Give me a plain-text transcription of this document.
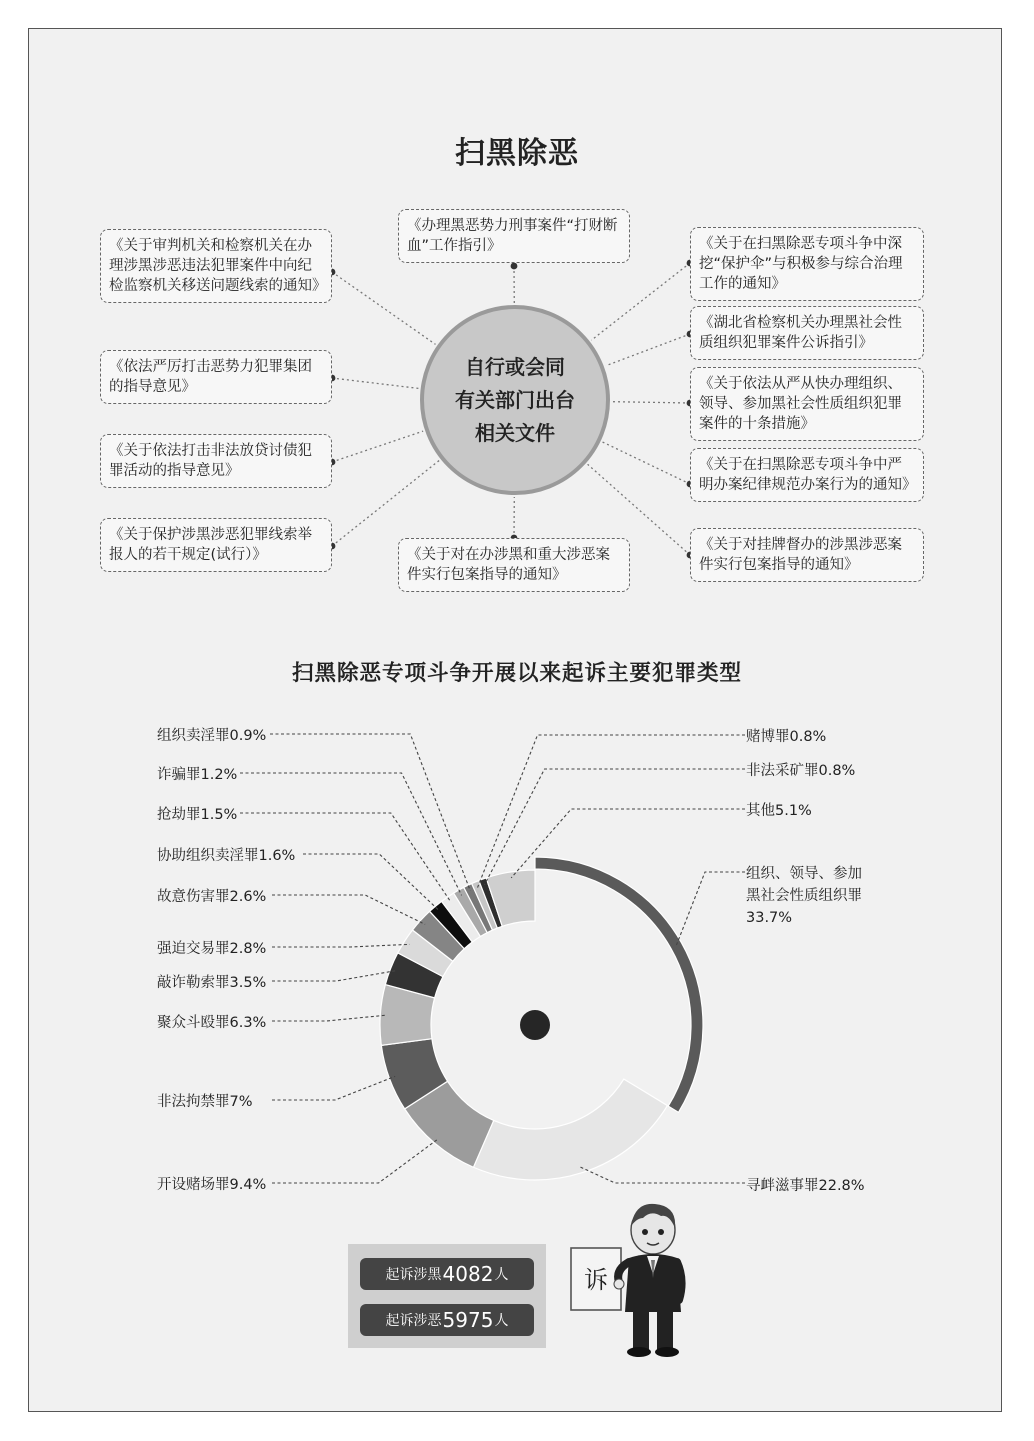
扫黑除恶
《关于审判机关和检察机关在办理涉黑涉恶违法犯罪案件中向纪检监察机关移送问题线索的通知》
《依法严厉打击恶势力犯罪集团的指导意见》
《关于依法打击非法放贷讨债犯罪活动的指导意见》
《关于保护涉黑涉恶犯罪线索举报人的若干规定(试行）》
《办理黑恶势力刑事案件“打财断血”工作指引》
《关于对在办涉黑和重大涉恶案件实行包案指导的通知》
《关于在扫黑除恶专项斗争中深挖“保护伞”与积极参与综合治理工作的通知》
《湖北省检察机关办理黑社会性质组织犯罪案件公诉指引》
《关于依法从严从快办理组织、领导、参加黑社会性质组织犯罪案件的十条措施》
《关于在扫黑除恶专项斗争中严明办案纪律规范办案行为的通知》
《关于对挂牌督办的涉黑涉恶案件实行包案指导的通知》
自行或会同
有关部门出台
相关文件
扫黑除恶专项斗争开展以来起诉主要犯罪类型
组织、领导、参加黑社会性质组织罪 33.7%
寻衅滋事罪22.8%
开设赌场罪9.4%
非法拘禁罪7%
聚众斗殴罪6.3%
敲诈勒索罪3.5%
强迫交易罪2.8%
故意伤害罪2.6%
协助组织卖淫罪1.6%
抢劫罪1.5%
诈骗罪1.2%
组织卖淫罪0.9%	赌博罪0.8%
非法采矿罪0.8%
其他5.1%
起诉涉黑 4082 人
起诉涉恶 5975 人
诉
